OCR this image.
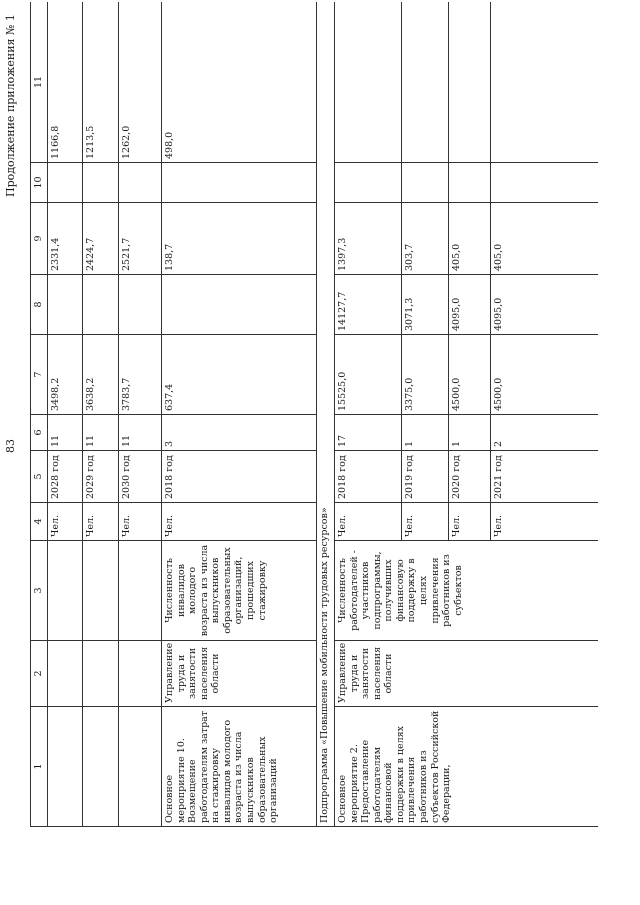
83
Продолжение приложения № 1
1	2	3	4	5	6	7	8	9	10	11
			Чел.	2028 год	11	3498,2		2331,4		1166,8
			Чел.	2029 год	11	3638,2		2424,7		1213,5
			Чел.	2030 год	11	3783,7		2521,7		1262,0
Основное мероприятие 10. Возмещение работодателям затрат на стажировку инвалидов молодого возраста из числа выпускников образовательных организаций	Управление труда и занятости населения области	Численность инвалидов молодого возраста из числа выпускников образовательных организаций, прошедших стажировку	Чел.	2018 год	3	637,4		138,7		498,0
Подпрограмма «Повышение мобильности трудовых ресурсов»										
Основное мероприятие 2. Предоставление работодателям финансовой поддержки в целях привлечения работников из субъектов Российской Федерации,	Управление труда и занятости населения области	Численность работодателей - участников подпрограммы, получивших финансовую поддержку в целях привлечения работников из субъектов	Чел.	2018 год	17	15525,0	14127,7	1397,3		
			Чел.	2019 год	1	3375,0	3071,3	303,7		
			Чел.	2020 год	1	4500,0	4095,0	405,0		
			Чел.	2021 год	2	4500,0	4095,0	405,0		
